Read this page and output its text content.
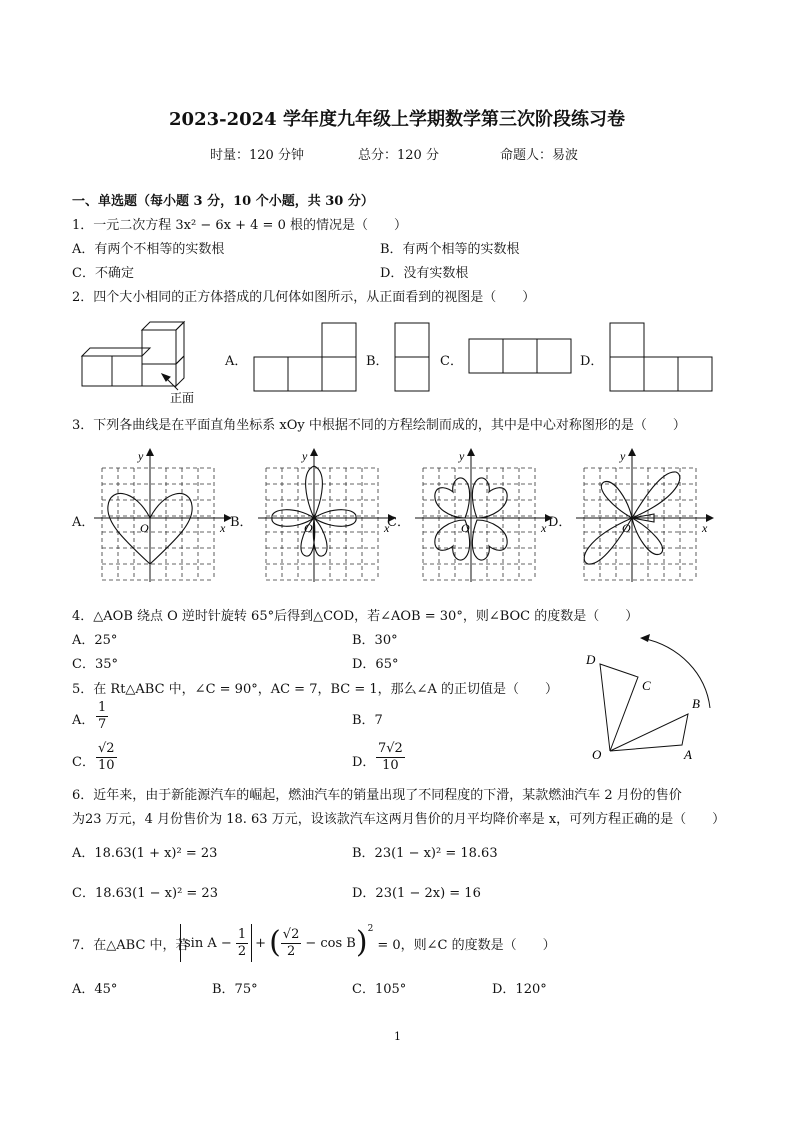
2023-2024 学年度九年级上学期数学第三次阶段练习卷
时量：120 分钟	总分：120 分	命题人：易波
一、单选题（每小题 3 分，10 个小题，共 30 分）
1．一元二次方程 3x² − 6x + 4 = 0 根的情况是（　　）
A．有两个不相等的实数根	B．有两个相等的实数根
C．不确定	D．没有实数根
2．四个大小相同的正方体搭成的几何体如图所示，从正面看到的视图是（　　）
正面
A．	B．	C．	D．
3．下列各曲线是在平面直角坐标系 xOy 中根据不同的方程绘制而成的，其中是中心对称图形的是（　　）
A．	x
y
O	B．	x
y
O	C．	x
y
O	D．	x
y
O
4．△AOB 绕点 O 逆时针旋转 65°后得到△COD，若∠AOB = 30°，则∠BOC 的度数是（　　）
A．25°	B．30°
C．35°	D．65°	D
C
B
O	A
5．在 Rt△ABC 中，∠C = 90°，AC = 7，BC = 1，那么∠A 的正切值是（　　）
A． $\frac{1}{7}$	B．7
C． $\frac{√2}{10}$	D． $\frac{7√2}{10}$
6．近年来，由于新能源汽车的崛起，燃油汽车的销量出现了不同程度的下滑，某款燃油汽车 2 月份的售价
为23 万元，4 月份售价为 18. 63 万元，设该款汽车这两月售价的月平均降价率是 x，可列方程正确的是（　　）
A．18.63(1 + x)² = 23	B．23(1 − x)² = 18.63
C．18.63(1 − x)² = 23	D．23(1 − 2x) = 16
7．在△ABC 中，若
sin A −
$\frac{1}{2}$ + ( $\frac{√2}{2} - \cos B$ ) 2
= 0，则∠C 的度数是（　　）
A．45°	B．75°	C．105°	D．120°
1
